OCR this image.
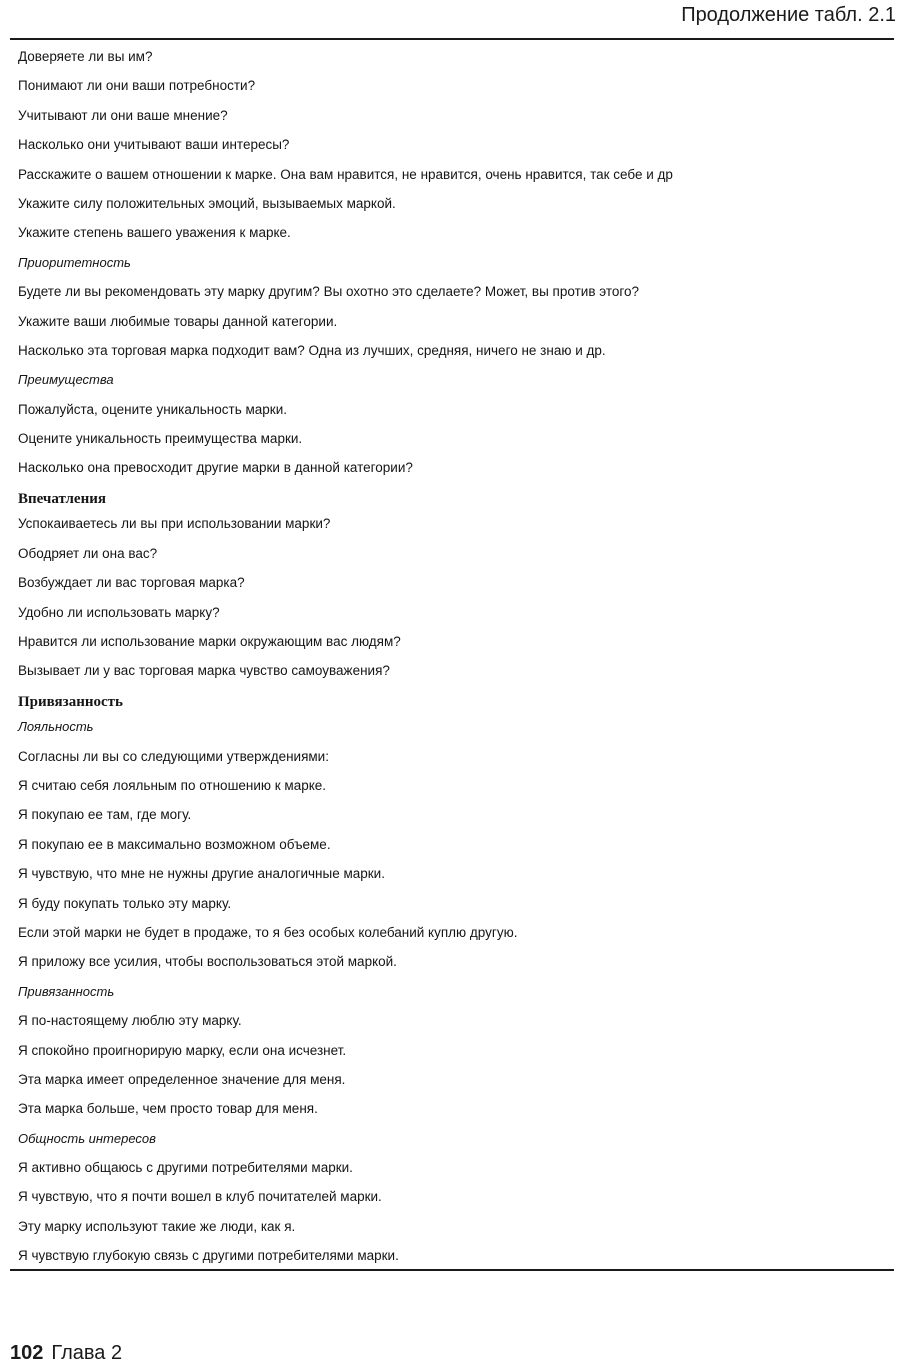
Продолжение табл. 2.1
Доверяете ли вы им?
Понимают ли они ваши потребности?
Учитывают ли они ваше мнение?
Насколько они учитывают ваши интересы?
Расскажите о вашем отношении к марке. Она вам нравится, не нравится, очень нравится, так себе и др
Укажите силу положительных эмоций, вызываемых маркой.
Укажите степень вашего уважения к марке.
Приоритетность
Будете ли вы рекомендовать эту марку другим? Вы охотно это сделаете? Может, вы против этого?
Укажите ваши любимые товары данной категории.
Насколько эта торговая марка подходит вам? Одна из лучших, средняя, ничего не знаю и др.
Преимущества
Пожалуйста, оцените уникальность марки.
Оцените уникальность преимущества марки.
Насколько она превосходит другие марки в данной категории?
Впечатления
Успокаиваетесь ли вы при использовании марки?
Ободряет ли она вас?
Возбуждает ли вас торговая марка?
Удобно ли использовать марку?
Нравится ли использование марки окружающим вас людям?
Вызывает ли у вас торговая марка чувство самоуважения?
Привязанность
Лояльность
Согласны ли вы со следующими утверждениями:
Я считаю себя лояльным по отношению к марке.
Я покупаю ее там, где могу.
Я покупаю ее в максимально возможном объеме.
Я чувствую, что мне не нужны другие аналогичные марки.
Я буду покупать только эту марку.
Если этой марки не будет в продаже, то я без особых колебаний куплю другую.
Я приложу все усилия, чтобы воспользоваться этой маркой.
Привязанность
Я по-настоящему люблю эту марку.
Я спокойно проигнорирую марку, если она исчезнет.
Эта марка имеет определенное значение для меня.
Эта марка больше, чем просто товар для меня.
Общность интересов
Я активно общаюсь с другими потребителями марки.
Я чувствую, что я почти вошел в клуб почитателей марки.
Эту марку используют такие же люди, как я.
Я чувствую глубокую связь с другими потребителями марки.
102 Глава 2
